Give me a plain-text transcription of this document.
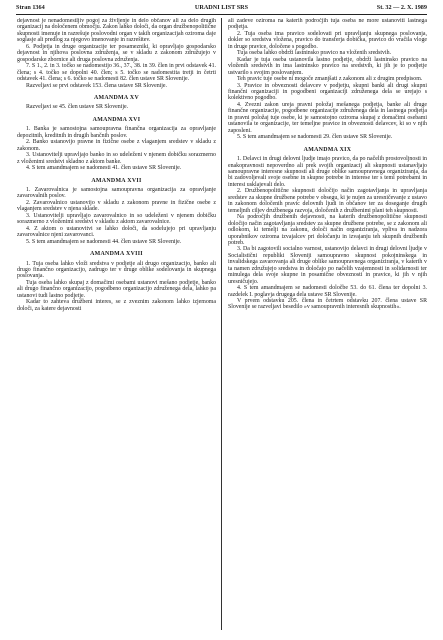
Stran 1364	URADNI LIST SRS	St. 32 — 2. X. 1989

dejavnost je nenadomestljiv pogoj za življenje in delo občanov ali za delo drugih organizacij na določenem območju. Zakon lahko določi, da organ družbenopolitične skupnosti imenuje in razrešuje poslovodni organ v takih organizacijah oziroma daje soglasje ali predlog za njegovo imenovanje in razrešitev.

6. Podjetja in druge organizacije ter posamezniki, ki opravljajo gospodarsko dejavnost in njihova poslovna združenja, se v skladu z zakonom združujejo v gospodarske zbornice ali druga poslovna združenja.

7. S 1., 2. in 3. točko se nadomestijo 36., 37., 38. in 39. člen in prvi odstavek 41. člena; s 4. točko se dopolni 40. člen; s 5. točko se nadomestita tretji in četrti odstavek 41. člena; s 6. točko se nadomesti 82. člen ustave SR Slovenije.

Razveljavi se prvi odstavek 153. člena ustave SR Slovenije.

AMANDMA XV

Razveljavi se 45. člen ustave SR Slovenije.

AMANDMA XVI

1. Banka je samostojna samoupravna finančna organizacija za opravljanje depozitnih, kreditnih in drugih bančnih poslov.

2. Banko ustanovijo pravne in fizične osebe z vlaganjem sredstev v skladu z zakonom.

3. Ustanovitelji upravljajo banko in so udeleženi v njenem dobičku sorazmerno z vloženimi sredstvi skladno z aktom banke.

4. S tem amandmajem se nadomesti 41. člen ustave SR Slovenije.

AMANDMA XVII

1. Zavarovalnica je samostojna samoupravna organizacija za opravljanje zavarovalnih poslov.

2. Zavarovalnico ustanovijo v skladu z zakonom pravne in fizične osebe z vlaganjem sredstev v njena sklade.

3. Ustanovitelji upravljajo zavarovalnico in so udeleženi v njenem dobičku sorazmerno z vloženimi sredstvi v skladu z aktom zavarovalnice.

4. Z aktom o ustanovitvi se lahko določi, da sodelujejo pri upravljanju zavarovalnice njeni zavarovanci.

5. S tem amandmajem se nadomesti 44. člen ustave SR Slovenije.

AMANDMA XVIII

1. Tuja oseba lahko vloži sredstva v podjetje ali drugo organizacijo, banko ali drugo finančno organizacijo, zadrugo ter v druge oblike sodelovanja in skupnega poslovanja.

Tuja oseba lahko skupaj z domačimi osebami ustanovi mešano podjetje, banko ali drugo finančno organizacijo, pogodbeno organizacijo združenega dela, lahko pa ustanovi tudi lastno podjetje.

Kadar to zahteva družbeni interes, se z zveznim zakonom lahko izjemoma določi, za katere dejavnosti

ali zadeve oziroma na katerih področjih tuja oseba ne more ustanoviti lastnega podjetja.

2. Tuja oseba ima pravico sodelovati pri upravljanju skupnega poslovanja, dokler so sredstva vložena, pravico do transferja dobička, pravico do vračila vloge in druge pravice, določene s pogodbo.

Tuja oseba lahko obdrži lastninsko pravico na vloženih sredstvih.

Kadar je tuja oseba ustanovila lastno podjetje, obdrži lastninsko pravico na vloženih sredstvih in ima lastninsko pravico na sredstvih, ki jih je to podjetje ustvarilo s svojim poslovanjem.

Teh pravic tuje osebe ni mogoče zmanjšati z zakonom ali z drugim predpisom.

3. Pravice in obveznosti delavcev v podjetju, skupni banki ali drugi skupni finančni organizaciji in pogodbeni organizaciji združenega dela se urejajo s kolektivno pogodbo.

4. Zvezni zakon ureja pravni položaj mešanega podjetja, banke ali druge finančne organizacije, pogodbene organizacije združenega dela in lastnega podjetja in pravni položaj tuje osebe, ki je samostojno oziroma skupaj z domačimi osebami ustanovila te organizacije, ter temeljne pravice in obveznosti delavcev, ki so v njih zaposleni.

5. S tem amandmajem se nadomesti 29. člen ustave SR Slovenije.

AMANDMA XIX

1. Delavci in drugi delovni ljudje imajo pravico, da po načelih prostovoljnosti in enakopravnosti nepoverdno ali prek svojih organizacij ali skupnosti ustanavljajo samoupravne interesne skupnosti ali druge oblike samoupravnega organiziranja, da bi zadovoljevali svoje osebne in skupne potrebe in interese ter s temi potrebami in interesi usklajevali delo.

2. Družbenopolitične skupnosti določijo način zagotavljanja in upravljanja sredstev za skupne družbene potrebe v obsegu, ki je nujen za uresničevanje z ustavo in zakonom določenih pravic delovnih ljudi in občanov ter za doseganje drugih temeljnih ciljev družbenega razvoja, določenih z družbenimi plani teh skupnosti.

Na področjih družbenih dejavnosti, na katerih družbenopolitične skupnosti določijo način zagotavljanja sredstev za skupne družbene potrebe, se z zakonom ali odlokom, ki temelji na zakonu, določi način organiziranja, vpliva in nadzora uporabnikov oziroma izvajalcev pri določanju in izvajanju teh skupnih družbenih potreb.

3. Da bi zagotovili socialno varnost, ustanovijo delavci in drugi delovni ljudje v Socialistični republiki Sloveniji samoupravno skupnost pokojninskega in invalidskega zavarovanja ali druge oblike samoupravnega organiziranja, v katerih v ta namen združujejo sredstva in določajo po načelih vzajemnosti in solidarnosti ter minulega dela svoje skupne in posamične obveznosti in pravice, ki jih v njih uresničujejo.

4. S tem amandmajem se nadomesti določbe 53. do 61. člena ter dopolni 3. razdelek I. poglavja drugega dela ustave SR Slovenije.

V prvem odstavku 205. člena in četrtem odstavku 207. člena ustave SR Slovenije se razveljavi besedilo »v samoupravnih interesnih skupnostih«.
